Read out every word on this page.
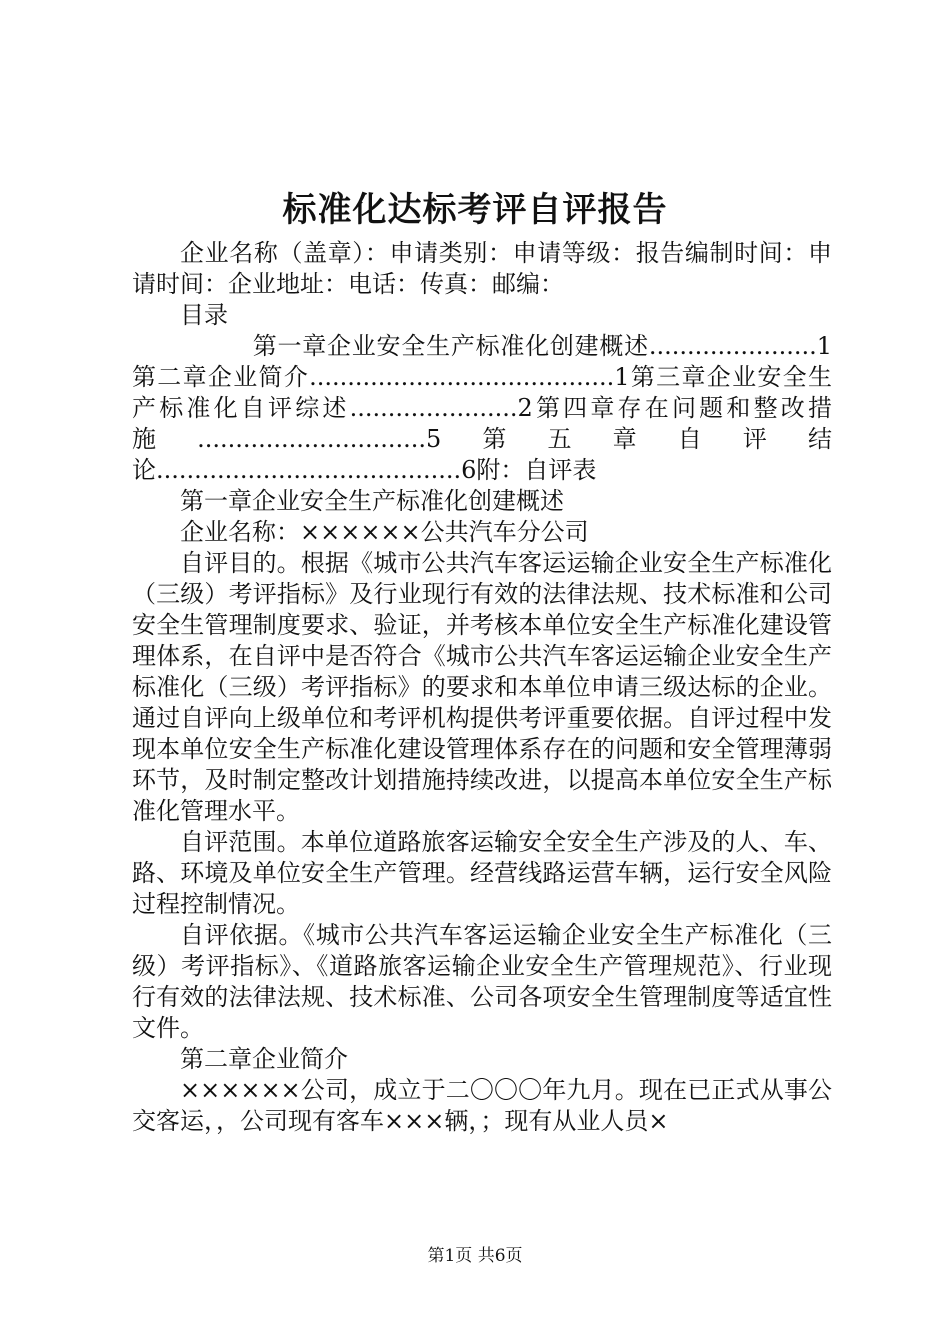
标准化达标考评自评报告

企业名称（盖章）：申请类别：申请等级：报告编制时间：申请时间：企业地址：电话：传真：邮编：

目录

第一章企业安全生产标准化创建概述......................1第二章企业简介........................................1第三章企业安全生产标准化自评综述......................2第四章存在问题和整改措施..............................5第五章自评结论........................................6附：自评表

第一章企业安全生产标准化创建概述

企业名称：××××××公共汽车分公司

自评目的。根据《城市公共汽车客运运输企业安全生产标准化（三级）考评指标》及行业现行有效的法律法规、技术标准和公司安全生管理制度要求、验证，并考核本单位安全生产标准化建设管理体系，在自评中是否符合《城市公共汽车客运运输企业安全生产标准化（三级）考评指标》的要求和本单位申请三级达标的企业。通过自评向上级单位和考评机构提供考评重要依据。自评过程中发现本单位安全生产标准化建设管理体系存在的问题和安全管理薄弱环节，及时制定整改计划措施持续改进，以提高本单位安全生产标准化管理水平。

自评范围。本单位道路旅客运输安全安全生产涉及的人、车、路、环境及单位安全生产管理。经营线路运营车辆，运行安全风险过程控制情况。

自评依据。《城市公共汽车客运运输企业安全生产标准化（三级）考评指标》、《道路旅客运输企业安全生产管理规范》、行业现行有效的法律法规、技术标准、公司各项安全生管理制度等适宜性文件。

第二章企业简介

××××××公司，成立于二〇〇〇年九月。现在已正式从事公交客运，，公司现有客车×××辆，；现有从业人员×

第1页 共6页
